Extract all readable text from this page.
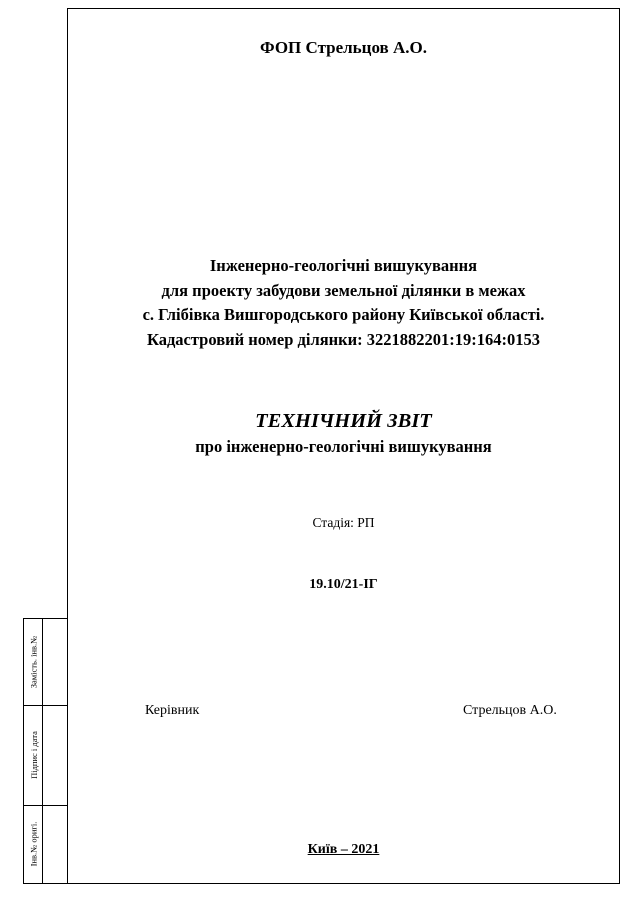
Замість. інв.№
Підпис і дата
Інв.№ оригі.
ФОП Стрельцов А.О.
Інженерно-геологічні вишукування
для проекту забудови земельної ділянки в межах
с. Глібівка Вишгородського району Київської області.
Кадастровий номер ділянки: 3221882201:19:164:0153
ТЕХНІЧНИЙ ЗВІТ
про інженерно-геологічні вишукування
Стадія: РП
19.10/21-ІГ
Керівник	Стрельцов А.О.
Київ – 2021
